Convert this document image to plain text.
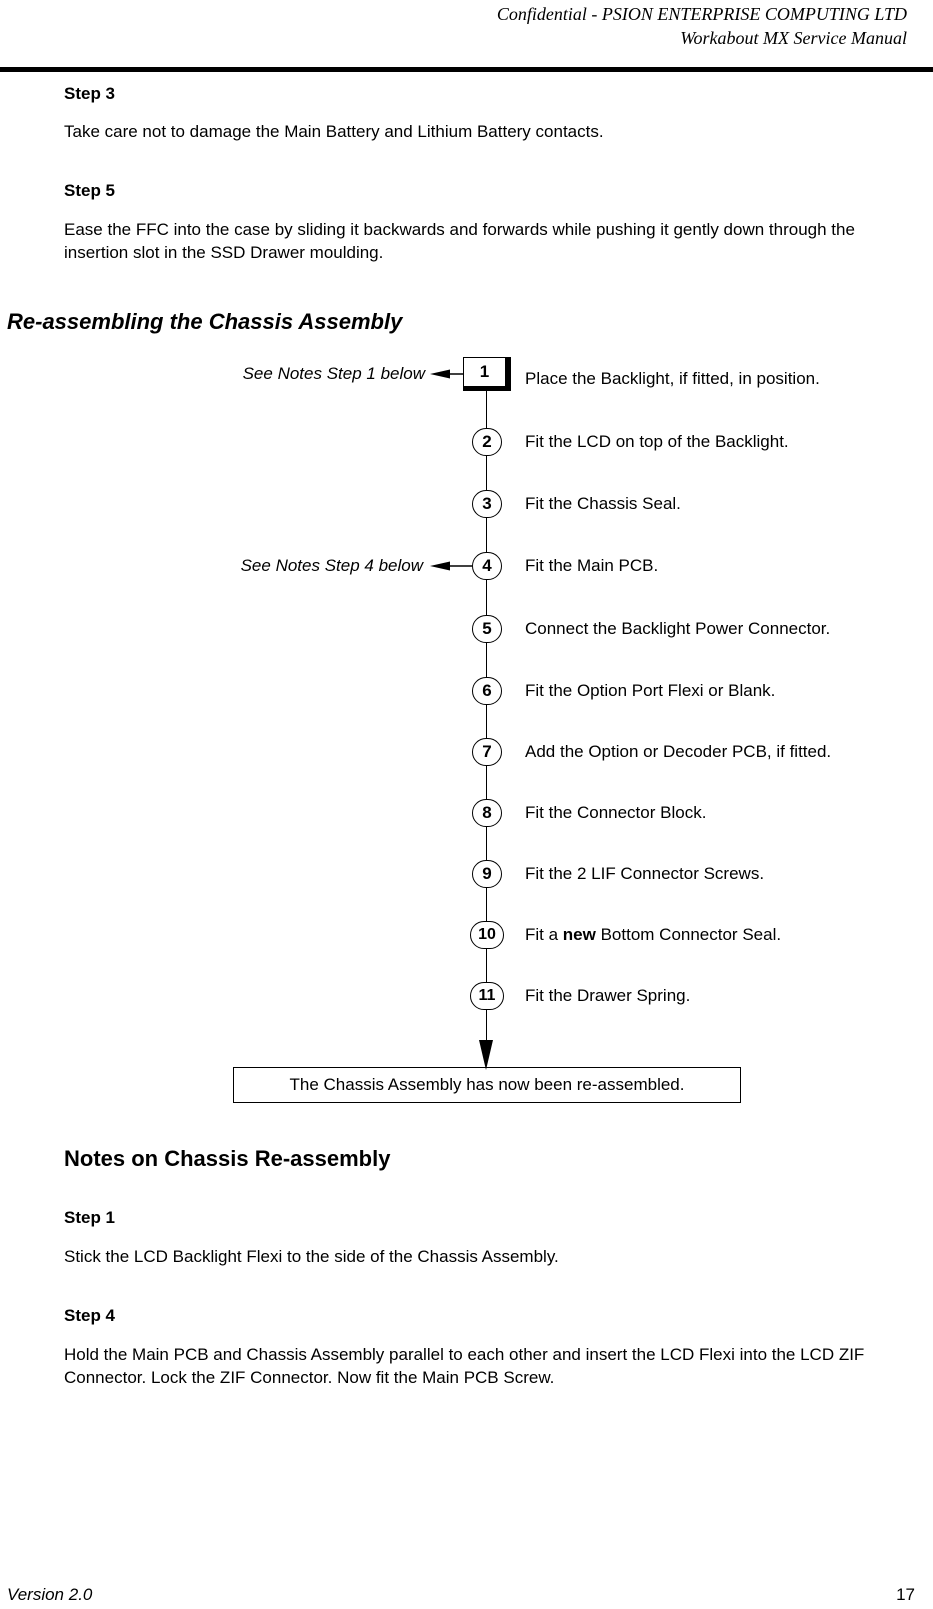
Confidential - PSION ENTERPRISE COMPUTING LTD
Workabout MX Service Manual
Step 3
Take care not to damage the Main Battery and Lithium Battery contacts.
Step 5
Ease the FFC into the case by sliding it backwards and forwards while pushing it gently down through the insertion slot in the SSD Drawer moulding.
Re-assembling the Chassis Assembly
1	Place the Backlight, if fitted, in position.
2	Fit the LCD on top of the Backlight.
3	Fit the Chassis Seal.
4	Fit the Main PCB.
5	Connect the Backlight Power Connector.
6	Fit the Option Port Flexi or Blank.
7	Add the Option or Decoder PCB, if fitted.
8	Fit the Connector Block.
9	Fit the 2 LIF Connector Screws.
10	Fit a new Bottom Connector Seal.
11	Fit the Drawer Spring.
See Notes Step 1 below
See Notes Step 4 below
The Chassis Assembly has now been re-assembled.
Notes on Chassis Re-assembly
Step 1
Stick the LCD Backlight Flexi to the side of the Chassis Assembly.
Step 4
Hold the Main PCB and Chassis Assembly parallel to each other and insert the LCD Flexi into the LCD ZIF Connector. Lock the ZIF Connector. Now fit the Main PCB Screw.
Version 2.0	17
